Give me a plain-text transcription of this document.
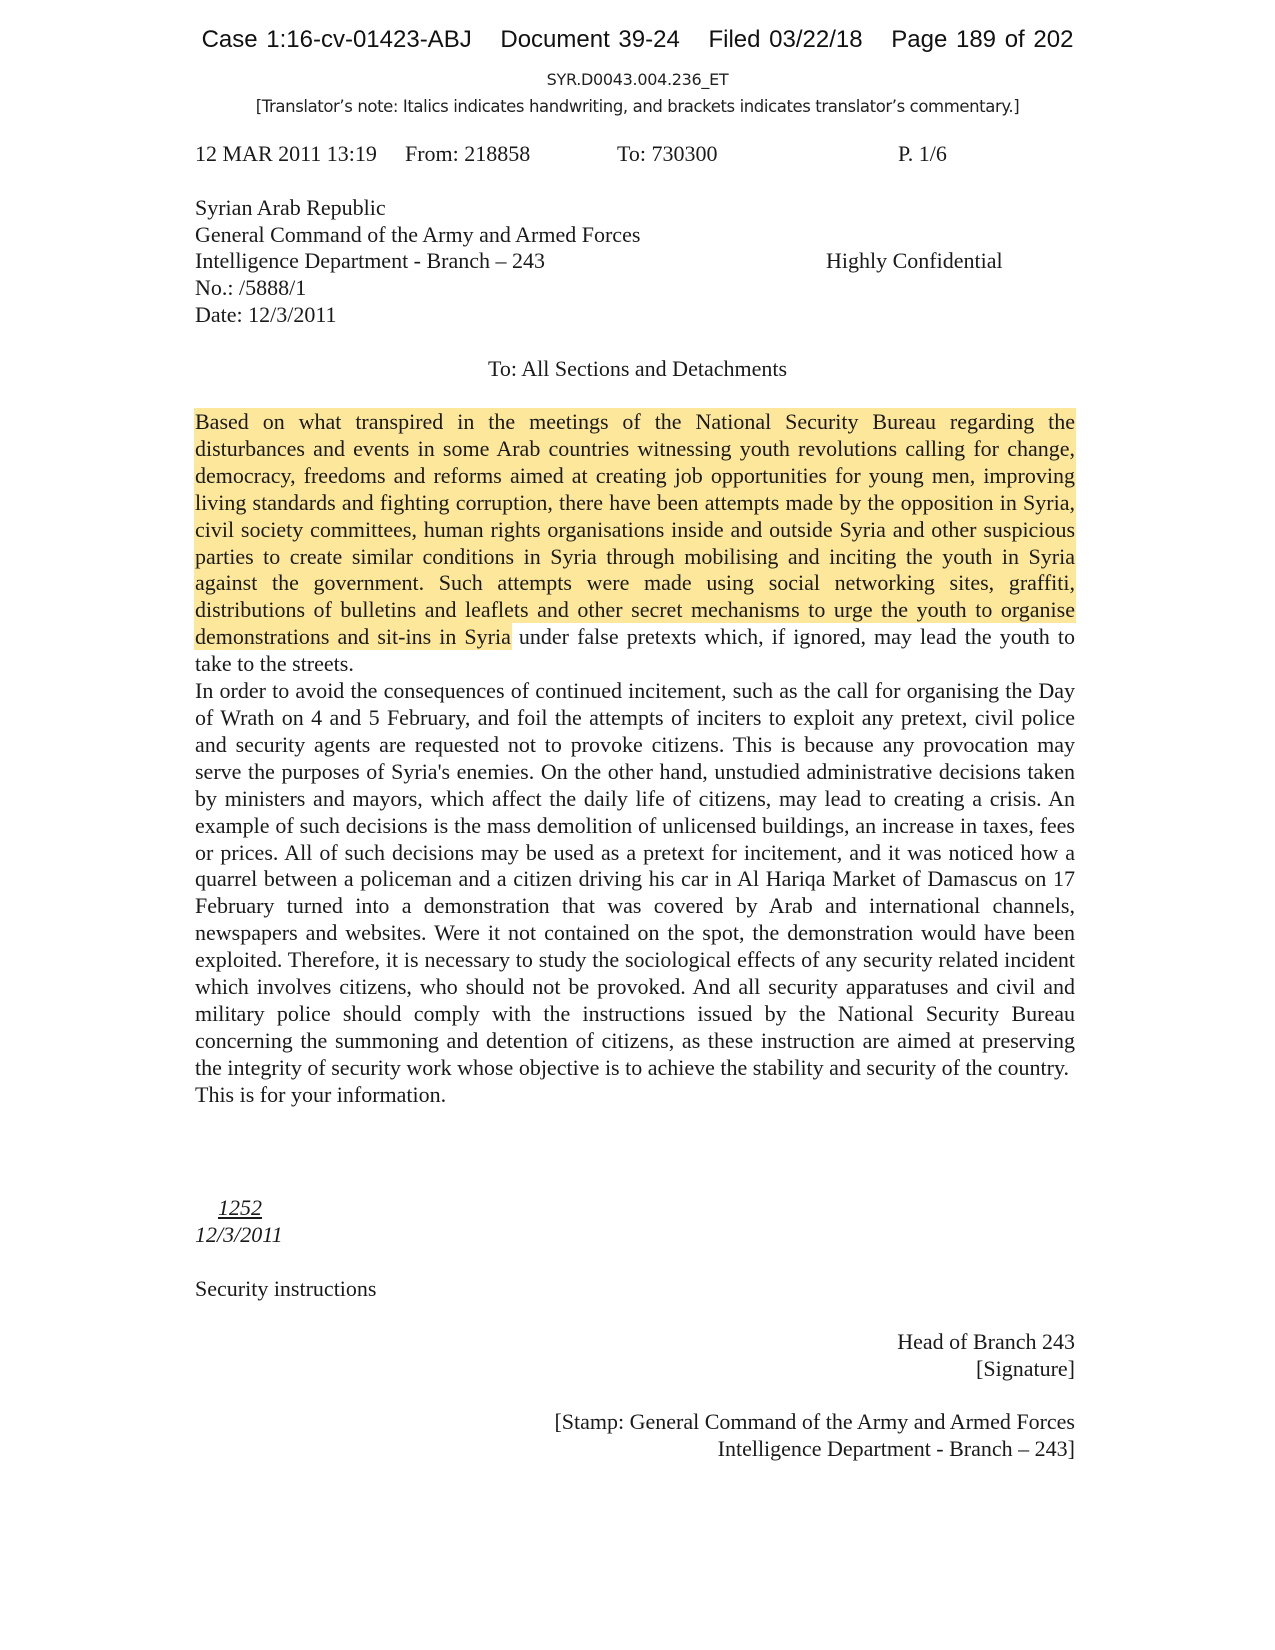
Case 1:16-cv-01423-ABJ Document 39-24 Filed 03/22/18 Page 189 of 202
SYR.D0043.004.236_ET
[Translator’s note: Italics indicates handwriting, and brackets indicates translator’s commentary.]
12 MAR 2011 13:19 From: 218858	To: 730300	P. 1/6
Syrian Arab Republic
General Command of the Army and Armed Forces
Intelligence Department - Branch – 243
No.: /5888/1
Date: 12/3/2011
Highly Confidential
To: All Sections and Detachments

Based on what transpired in the meetings of the National Security Bureau regarding the disturbances and events in some Arab countries witnessing youth revolutions calling for change, democracy, freedoms and reforms aimed at creating job opportunities for young men, improving living standards and fighting corruption, there have been attempts made by the opposition in Syria, civil society committees, human rights organisations inside and outside Syria and other suspicious parties to create similar conditions in Syria through mobilising and inciting the youth in Syria against the government. Such attempts were made using social networking sites, graffiti, distributions of bulletins and leaflets and other secret mechanisms to urge the youth to organise demonstrations and sit-ins in Syria under false pretexts which, if ignored, may lead the youth to take to the streets.

In order to avoid the consequences of continued incitement, such as the call for organising the Day of Wrath on 4 and 5 February, and foil the attempts of inciters to exploit any pretext, civil police and security agents are requested not to provoke citizens. This is because any provocation may serve the purposes of Syria's enemies. On the other hand, unstudied administrative decisions taken by ministers and mayors, which affect the daily life of citizens, may lead to creating a crisis. An example of such decisions is the mass demolition of unlicensed buildings, an increase in taxes, fees or prices. All of such decisions may be used as a pretext for incitement, and it was noticed how a quarrel between a policeman and a citizen driving his car in Al Hariqa Market of Damascus on 17 February turned into a demonstration that was covered by Arab and international channels, newspapers and websites. Were it not contained on the spot, the demonstration would have been exploited. Therefore, it is necessary to study the sociological effects of any security related incident which involves citizens, who should not be provoked. And all security apparatuses and civil and military police should comply with the instructions issued by the National Security Bureau concerning the summoning and detention of citizens, as these instruction are aimed at preserving the integrity of security work whose objective is to achieve the stability and security of the country.

This is for your information.

1252
12/3/2011
Security instructions
Head of Branch 243
[Signature]
[Stamp: General Command of the Army and Armed Forces
Intelligence Department - Branch – 243]
